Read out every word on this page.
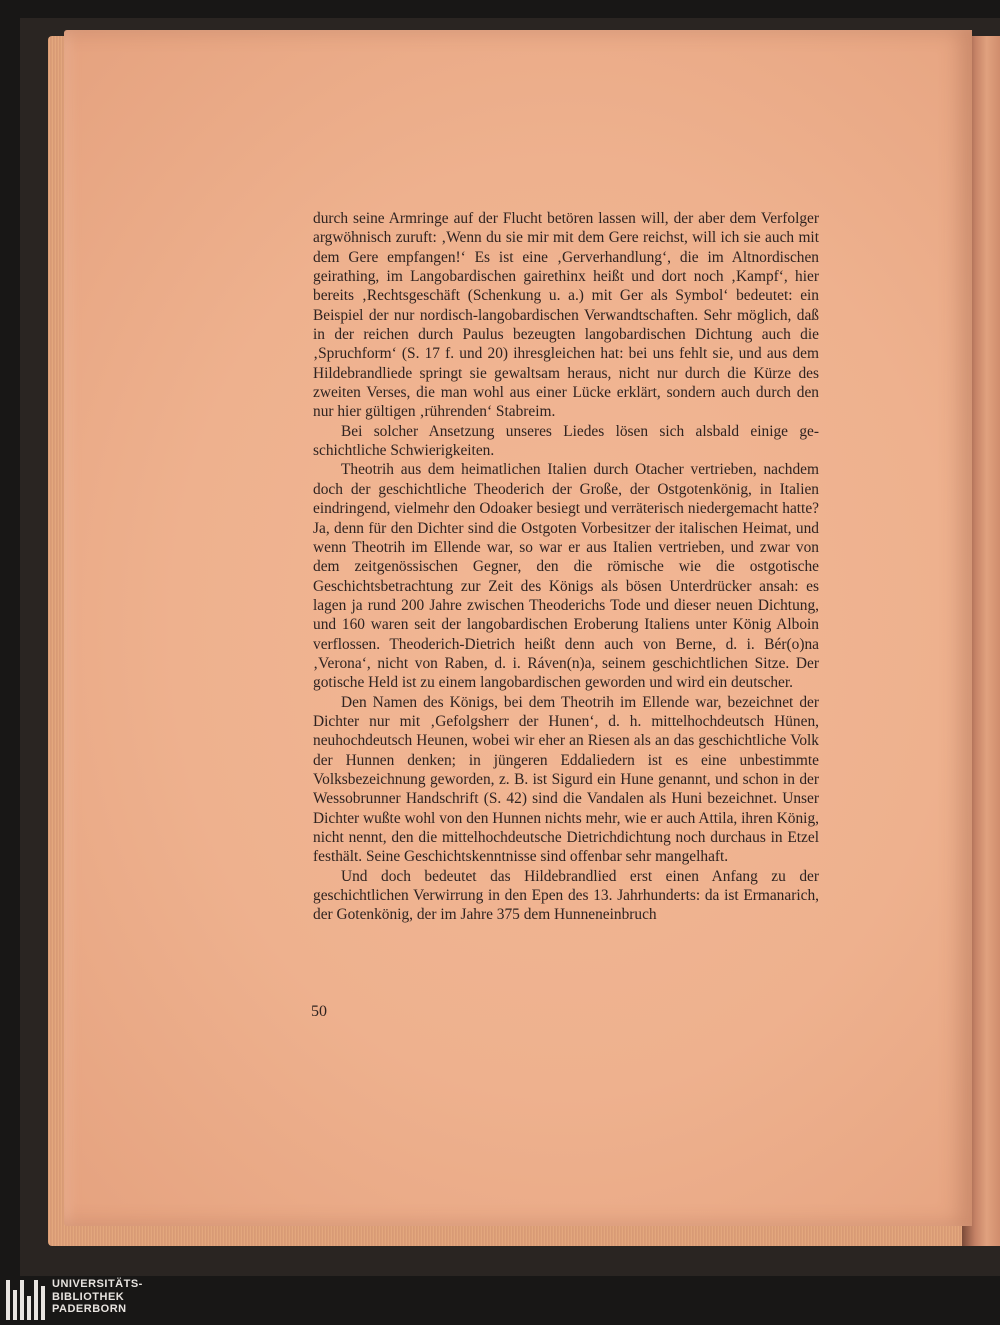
durch seine Armringe auf der Flucht betören lassen will, der aber dem Verfolger argwöhnisch zuruft: ‚Wenn du sie mir mit dem Gere reichst, will ich sie auch mit dem Gere empfangen!‘ Es ist eine ‚Gerverhandlung‘, die im Altnordischen geirathing, im Langobardischen gairethinx heißt und dort noch ‚Kampf‘, hier bereits ‚Rechtsgeschäft (Schenkung u. a.) mit Ger als Symbol‘ bedeutet: ein Beispiel der nur nordisch-langobardischen Verwandtschaften. Sehr möglich, daß in der reichen durch Paulus bezeugten langobardischen Dichtung auch die ‚Spruchform‘ (S. 17 f. und 20) ihresgleichen hat: bei uns fehlt sie, und aus dem Hildebrandliede springt sie gewaltsam heraus, nicht nur durch die Kürze des zweiten Verses, die man wohl aus einer Lücke erklärt, sondern auch durch den nur hier gültigen ‚rührenden‘ Stabreim.

Bei solcher Ansetzung unseres Liedes lösen sich alsbald einige geschichtliche Schwierigkeiten.

Theotrih aus dem heimatlichen Italien durch Otacher vertrieben, nachdem doch der geschichtliche Theoderich der Große, der Ostgotenkönig, in Italien eindringend, vielmehr den Odoaker besiegt und verräterisch niedergemacht hatte? Ja, denn für den Dichter sind die Ostgoten Vorbesitzer der italischen Heimat, und wenn Theotrih im Ellende war, so war er aus Italien vertrieben, und zwar von dem zeitgenössischen Gegner, den die römische wie die ostgotische Geschichtsbetrachtung zur Zeit des Königs als bösen Unterdrücker ansah: es lagen ja rund 200 Jahre zwischen Theoderichs Tode und dieser neuen Dichtung, und 160 waren seit der langobardischen Eroberung Italiens unter König Alboin verflossen. Theoderich-Dietrich heißt denn auch von Berne, d. i. Bér(o)na ‚Verona‘, nicht von Raben, d. i. Ráven(n)a, seinem geschichtlichen Sitze. Der gotische Held ist zu einem langobardischen geworden und wird ein deutscher.

Den Namen des Königs, bei dem Theotrih im Ellende war, bezeichnet der Dichter nur mit ‚Gefolgsherr der Hunen‘, d. h. mittelhochdeutsch Hünen, neuhochdeutsch Heunen, wobei wir eher an Riesen als an das geschichtliche Volk der Hunnen denken; in jüngeren Eddaliedern ist es eine unbestimmte Volksbezeichnung geworden, z. B. ist Sigurd ein Hune genannt, und schon in der Wessobrunner Handschrift (S. 42) sind die Vandalen als Huni bezeichnet. Unser Dichter wußte wohl von den Hunnen nichts mehr, wie er auch Attila, ihren König, nicht nennt, den die mittelhochdeutsche Dietrichdichtung noch durchaus in Etzel festhält. Seine Geschichtskenntnisse sind offenbar sehr mangelhaft.

Und doch bedeutet das Hildebrandlied erst einen Anfang zu der geschichtlichen Verwirrung in den Epen des 13. Jahrhunderts: da ist Ermanarich, der Gotenkönig, der im Jahre 375 dem Hunneneinbruch

50
UNIVERSITÄTS-
BIBLIOTHEK
PADERBORN
